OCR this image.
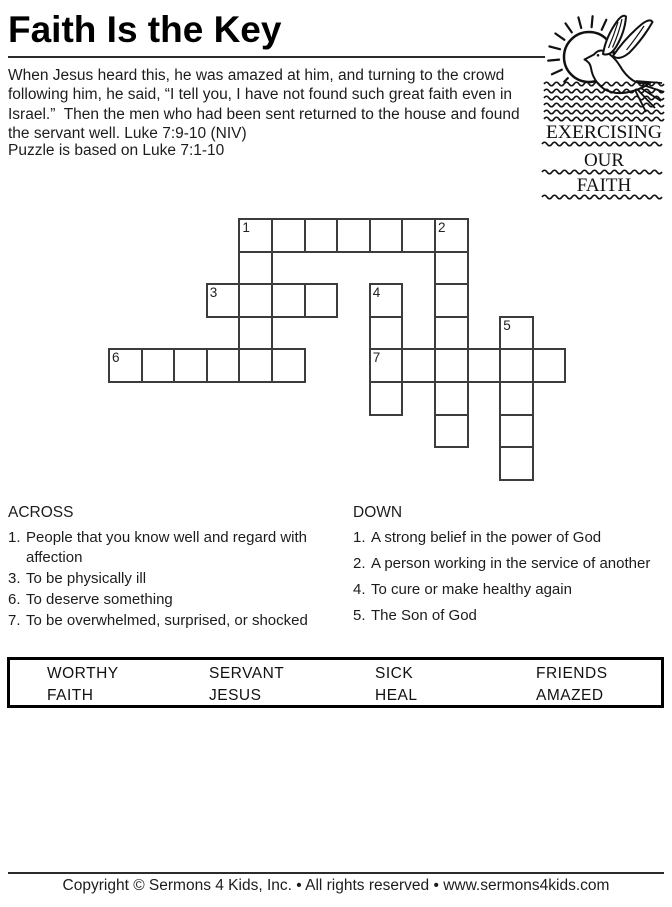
Faith Is the Key
When Jesus heard this, he was amazed at him, and turning to the crowd
following him, he said, “I tell you, I have not found such great faith even in
Israel.”  Then the men who had been sent returned to the house and found
the servant well. Luke 7:9-10 (NIV)
Puzzle is based on Luke 7:1-10
EXERCISING
OUR
FAITH
1	2
3	4
5
6	7
ACROSS
1. People that you know well and regard with affection
3. To be physically ill
6. To deserve something
7. To be overwhelmed, surprised, or shocked
DOWN
1. A strong belief in the power of God
2. A person working in the service of another
4. To cure or make healthy again
5. The Son of God
WORTHY	SERVANT	SICK	FRIENDS
FAITH	JESUS	HEAL	AMAZED
Copyright © Sermons 4 Kids, Inc. • All rights reserved • www.sermons4kids.com
